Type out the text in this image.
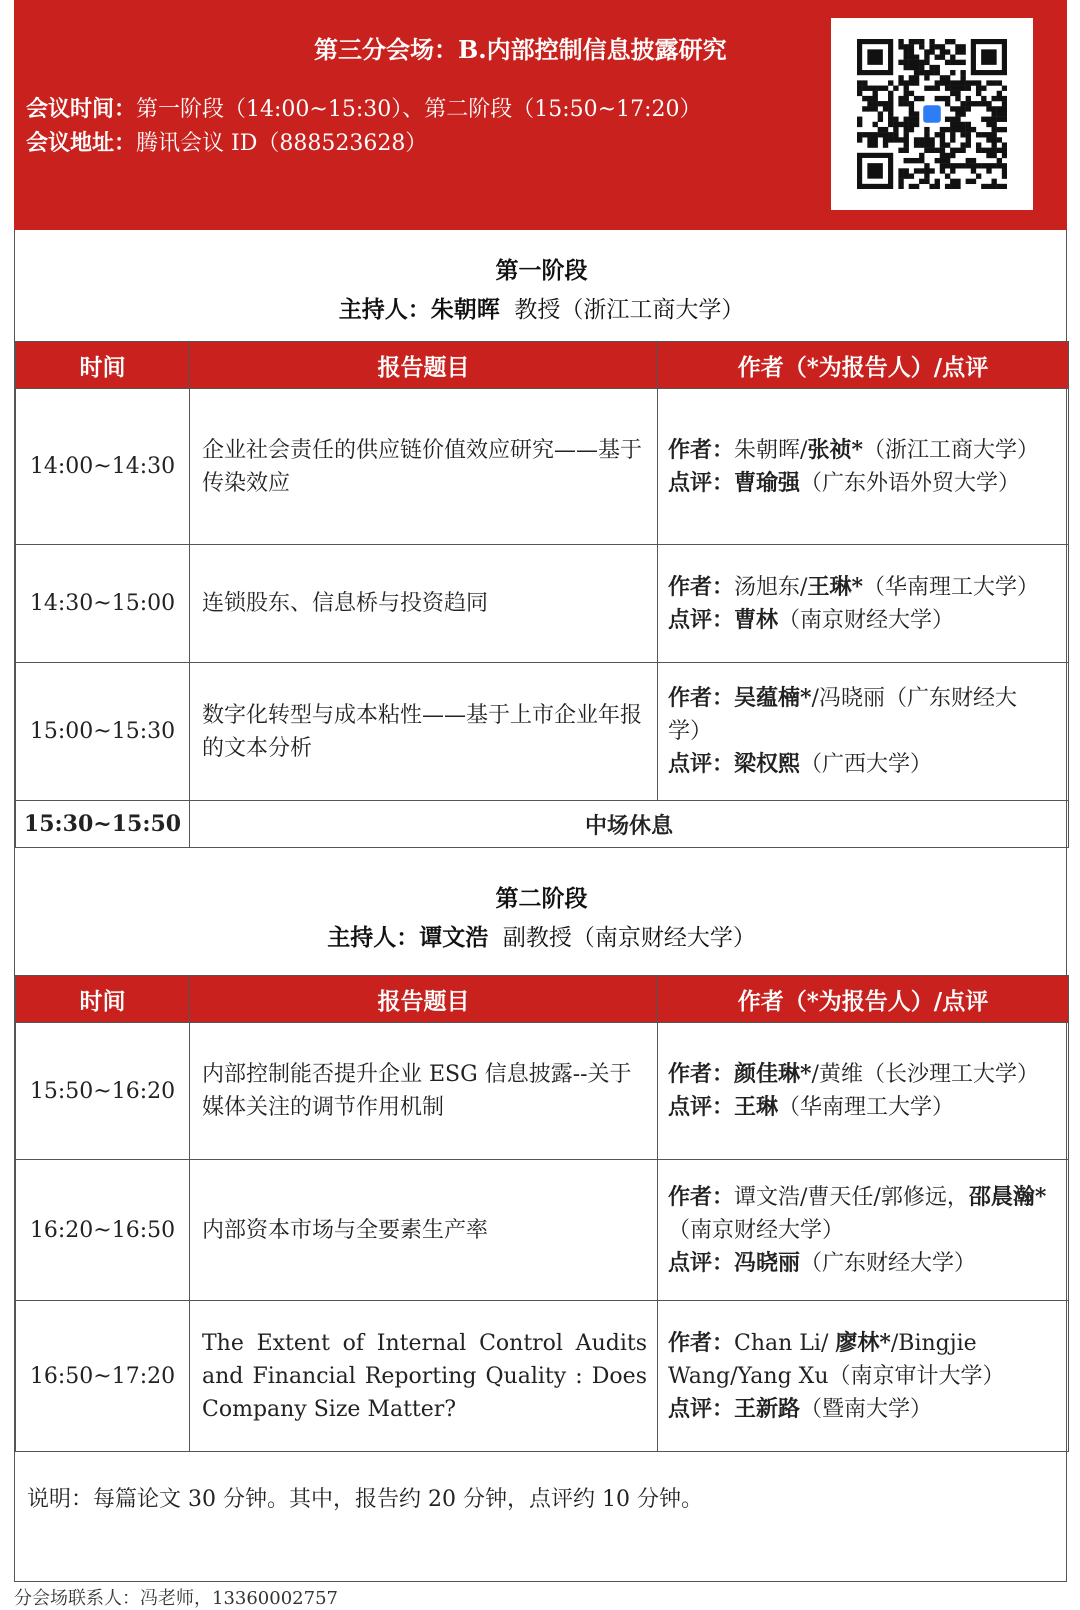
第三分会场：B.内部控制信息披露研究
会议时间：第一阶段（14:00~15:30）、第二阶段（15:50~17:20）
会议地址：腾讯会议 ID（888523628）
第一阶段
主持人：朱朝晖 教授（浙江工商大学）
时间	报告题目	作者（*为报告人）/点评
14:00~14:30	企业社会责任的供应链价值效应研究——基于传染效应	作者：朱朝晖/张祯*（浙江工商大学）
点评：曹瑜强（广东外语外贸大学）
14:30~15:00	连锁股东、信息桥与投资趋同	作者：汤旭东/王琳*（华南理工大学）
点评：曹林（南京财经大学）
15:00~15:30	数字化转型与成本粘性——基于上市企业年报的文本分析	作者：吴蕴楠*/冯晓丽（广东财经大学）
点评：梁权熙（广西大学）
15:30~15:50	中场休息	
第二阶段
主持人：谭文浩 副教授（南京财经大学）
时间	报告题目	作者（*为报告人）/点评
15:50~16:20	内部控制能否提升企业 ESG 信息披露--关于媒体关注的调节作用机制	作者：颜佳琳*/黄维（长沙理工大学）
点评：王琳（华南理工大学）
16:20~16:50	内部资本市场与全要素生产率	作者：谭文浩/曹天任/郭修远，邵晨瀚*（南京财经大学）
点评：冯晓丽（广东财经大学）
16:50~17:20	The Extent of Internal Control Audits and Financial Reporting Quality : Does Company Size Matter?	作者：Chan Li/ 廖林*/Bingjie Wang/Yang Xu（南京审计大学）
点评：王新路（暨南大学）
说明：每篇论文 30 分钟。其中，报告约 20 分钟，点评约 10 分钟。
分会场联系人：冯老师，13360002757
